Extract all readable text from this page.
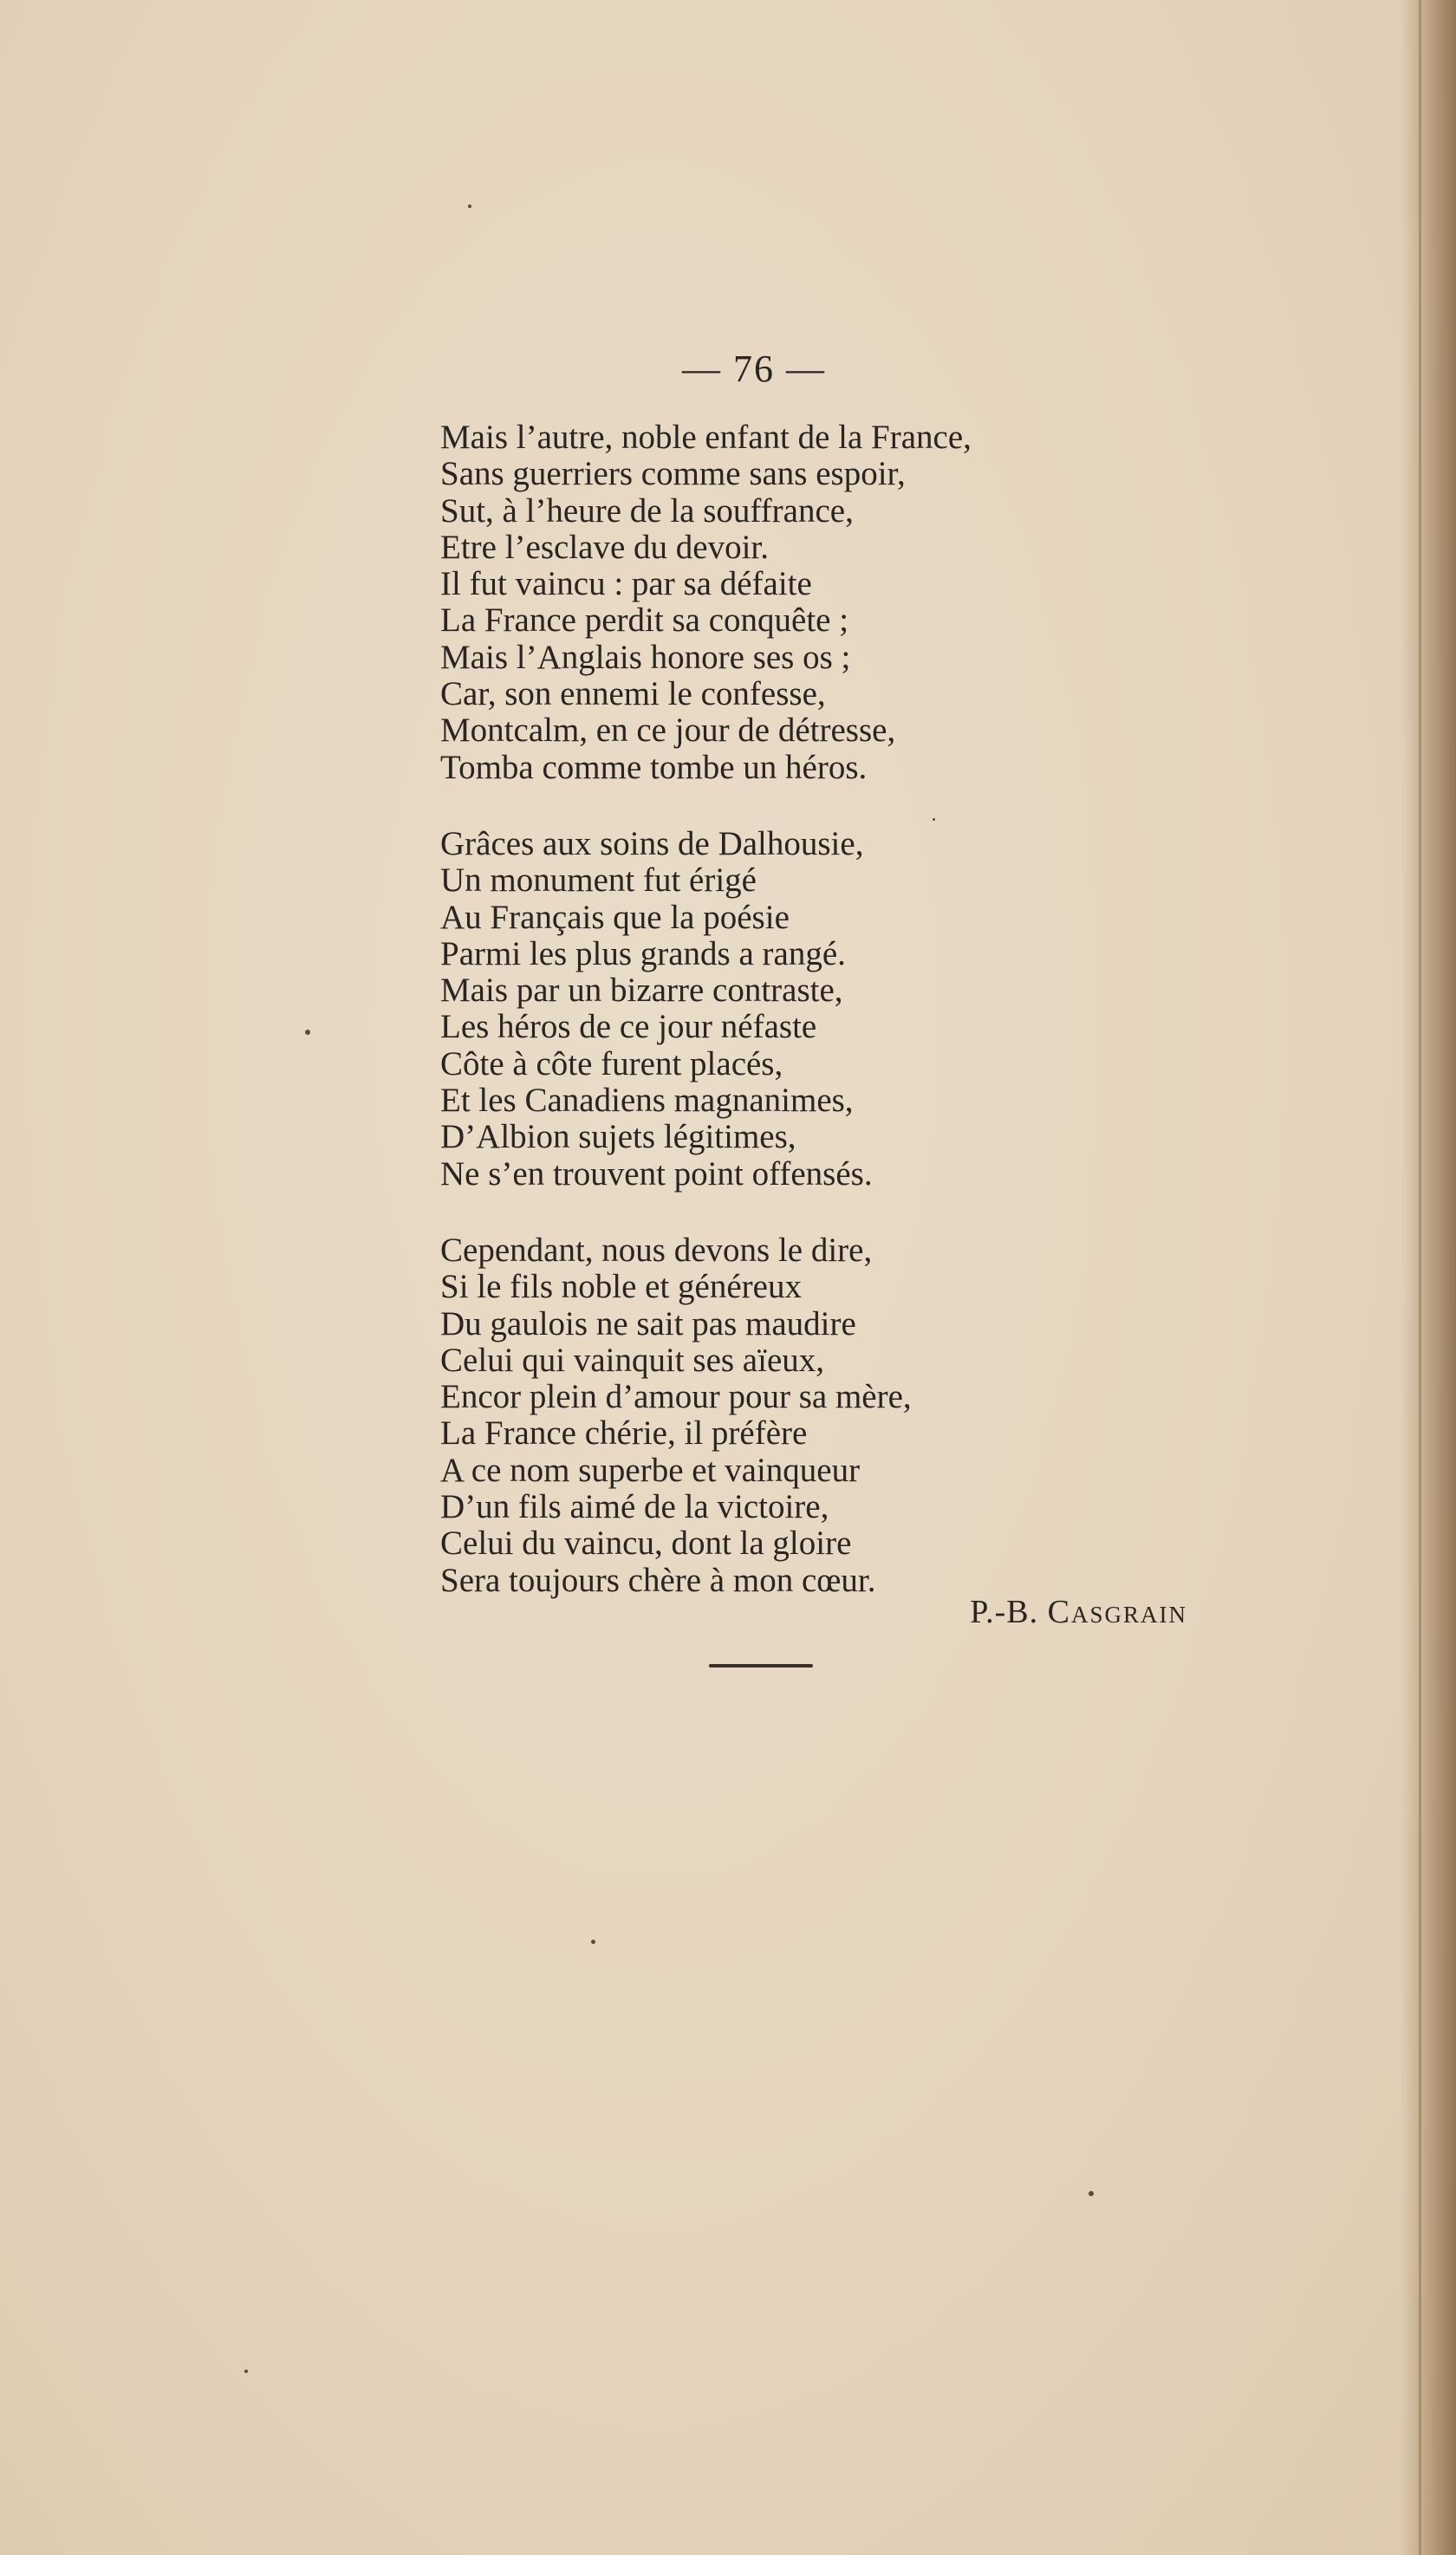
— 76 —
Mais l’autre, noble enfant de la France,
Sans guerriers comme sans espoir,
Sut, à l’heure de la souffrance,
Etre l’esclave du devoir.
Il fut vaincu : par sa défaite
La France perdit sa conquête ;
Mais l’Anglais honore ses os ;
Car, son ennemi le confesse,
Montcalm, en ce jour de détresse,
Tomba comme tombe un héros.
Grâces aux soins de Dalhousie,
Un monument fut érigé
Au Français que la poésie
Parmi les plus grands a rangé.
Mais par un bizarre contraste,
Les héros de ce jour néfaste
Côte à côte furent placés,
Et les Canadiens magnanimes,
D’Albion sujets légitimes,
Ne s’en trouvent point offensés.
Cependant, nous devons le dire,
Si le fils noble et généreux
Du gaulois ne sait pas maudire
Celui qui vainquit ses aïeux,
Encor plein d’amour pour sa mère,
La France chérie, il préfère
A ce nom superbe et vainqueur
D’un fils aimé de la victoire,
Celui du vaincu, dont la gloire
Sera toujours chère à mon cœur.
P.-B. Casgrain
